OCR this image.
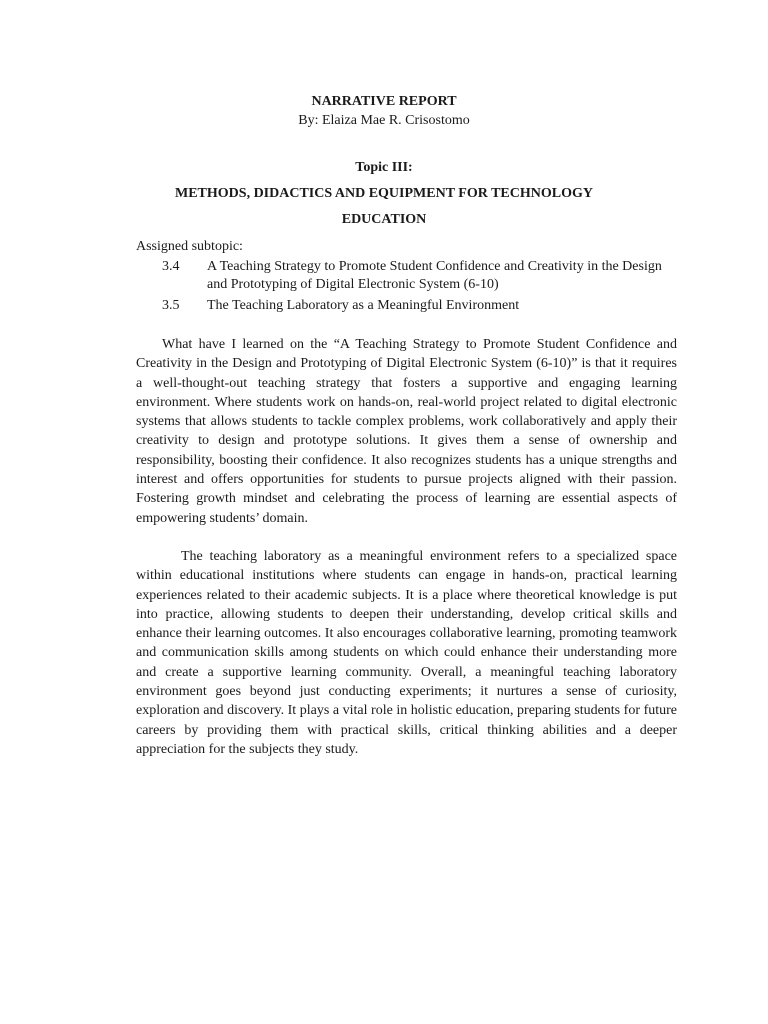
NARRATIVE REPORT
By: Elaiza Mae R. Crisostomo
Topic III:
METHODS, DIDACTICS AND EQUIPMENT FOR TECHNOLOGY
EDUCATION
Assigned subtopic:
3.4 A Teaching Strategy to Promote Student Confidence and Creativity in the Design and Prototyping of Digital Electronic System (6-10)
3.5 The Teaching Laboratory as a Meaningful Environment

What have I learned on the “A Teaching Strategy to Promote Student Confidence and Creativity in the Design and Prototyping of Digital Electronic System (6-10)” is that it requires a well-thought-out teaching strategy that fosters a supportive and engaging learning environment. Where students work on hands-on, real-world project related to digital electronic systems that allows students to tackle complex problems, work collaboratively and apply their creativity to design and prototype solutions. It gives them a sense of ownership and responsibility, boosting their confidence. It also recognizes students has a unique strengths and interest and offers opportunities for students to pursue projects aligned with their passion. Fostering growth mindset and celebrating the process of learning are essential aspects of empowering students’ domain.

The teaching laboratory as a meaningful environment refers to a specialized space within educational institutions where students can engage in hands-on, practical learning experiences related to their academic subjects. It is a place where theoretical knowledge is put into practice, allowing students to deepen their understanding, develop critical skills and enhance their learning outcomes. It also encourages collaborative learning, promoting teamwork and communication skills among students on which could enhance their understanding more and create a supportive learning community. Overall, a meaningful teaching laboratory environment goes beyond just conducting experiments; it nurtures a sense of curiosity, exploration and discovery. It plays a vital role in holistic education, preparing students for future careers by providing them with practical skills, critical thinking abilities and a deeper appreciation for the subjects they study.
